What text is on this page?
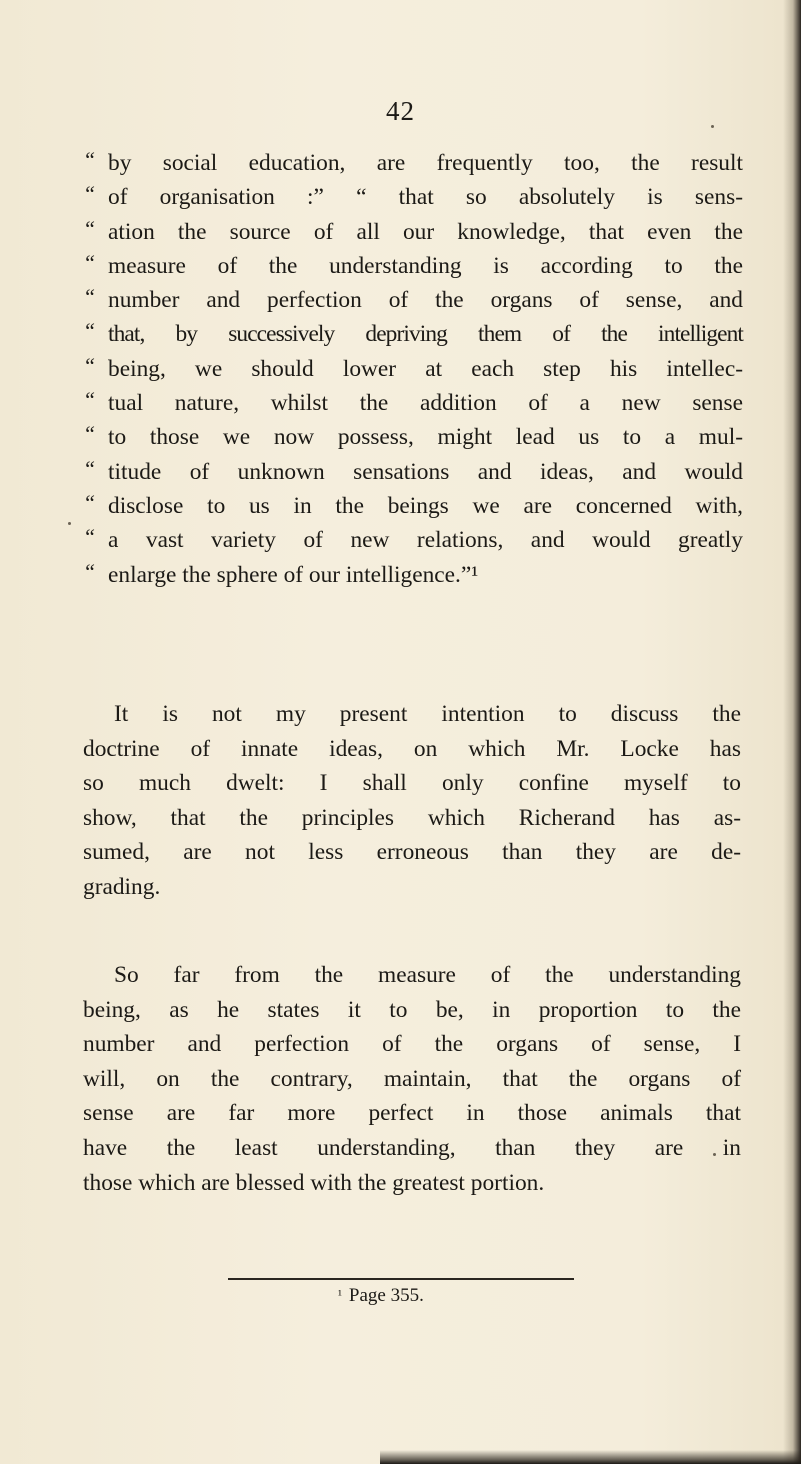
42
“ by social education, are frequently too, the result
“ of organisation :” “ that so absolutely is sens-
“ ation the source of all our knowledge, that even the
“ measure of the understanding is according to the
“ number and perfection of the organs of sense, and
“ that, by successively depriving them of the intelligent
“ being, we should lower at each step his intellec-
“ tual nature, whilst the addition of a new sense
“ to those we now possess, might lead us to a mul-
“ titude of unknown sensations and ideas, and would
“ disclose to us in the beings we are concerned with,
“ a vast variety of new relations, and would greatly
“ enlarge the sphere of our intelligence.”¹
It is not my present intention to discuss the
doctrine of innate ideas, on which Mr. Locke has
so much dwelt: I shall only confine myself to
show, that the principles which Richerand has as-
sumed, are not less erroneous than they are de-
grading.
So far from the measure of the understanding
being, as he states it to be, in proportion to the
number and perfection of the organs of sense, I
will, on the contrary, maintain, that the organs of
sense are far more perfect in those animals that
have the least understanding, than they are in
those which are blessed with the greatest portion.
$^{^1}$ Page 355.
